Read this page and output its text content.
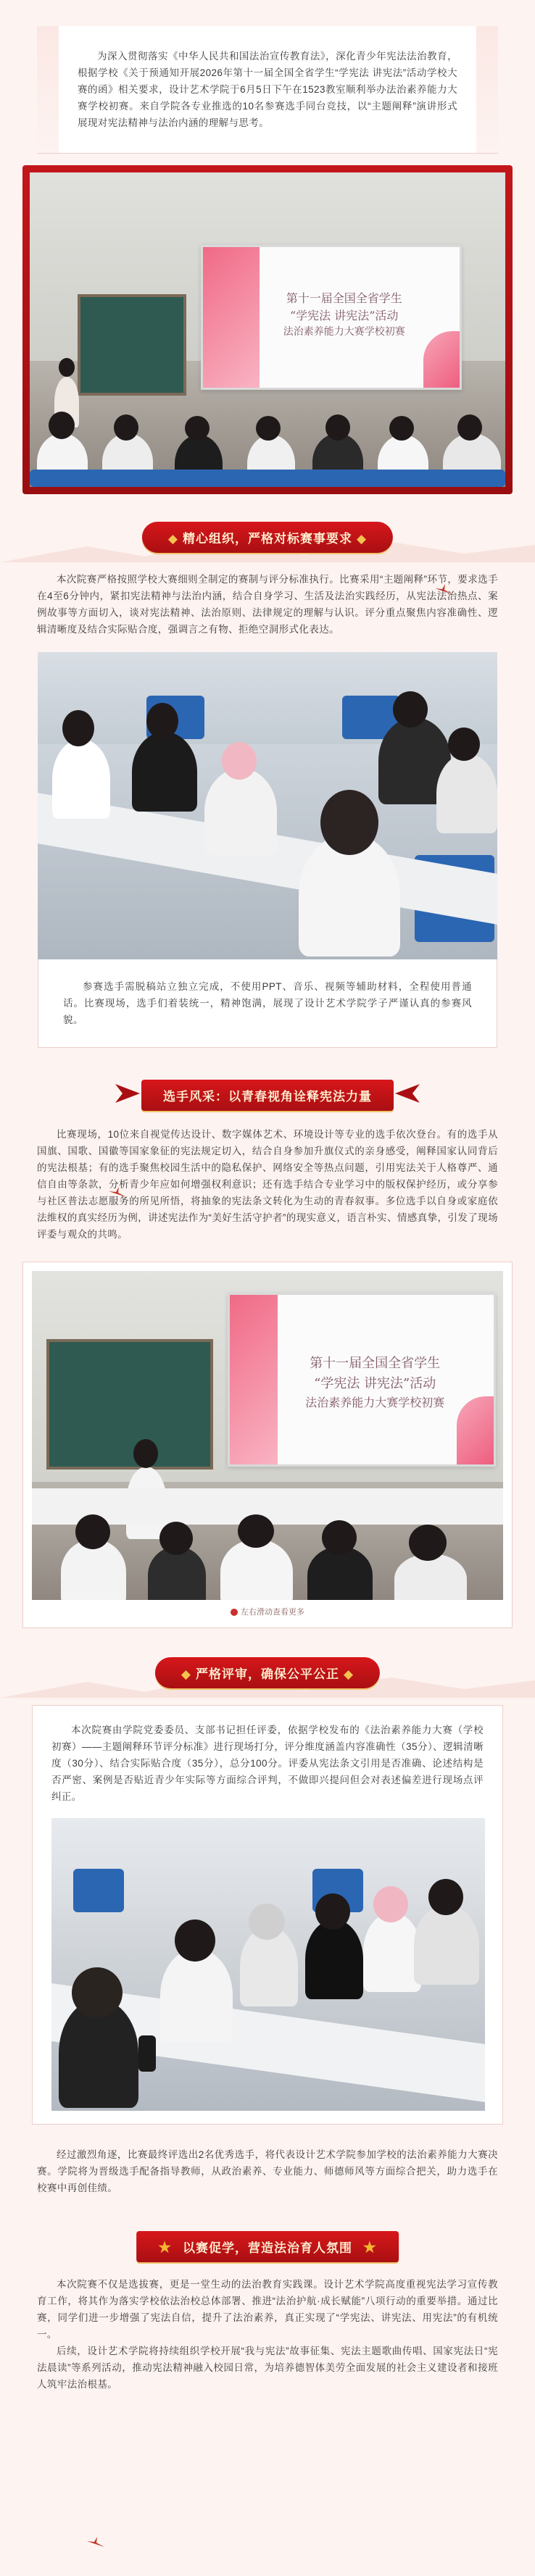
为深入贯彻落实《中华人民共和国法治宣传教育法》，深化青少年宪法法治教育，根据学校《关于预通知开展2026年第十一届全国全省学生“学宪法 讲宪法”活动学校大赛的函》相关要求，设计艺术学院于6月5日下午在1523教室顺利举办法治素养能力大赛学校初赛。来自学院各专业推选的10名参赛选手同台竞技，以“主题阐释”演讲形式展现对宪法精神与法治内涵的理解与思考。

第十一届全国全省学生
“学宪法 讲宪法”活动
法治素养能力大赛学校初赛
◆ 精心组织，严格对标赛事要求 ◆

本次院赛严格按照学校大赛细则全制定的赛制与评分标准执行。比赛采用“主题阐释”环节，要求选手在4至6分钟内，紧扣宪法精神与法治内涵，结合自身学习、生活及法治实践经历，从宪法法治热点、案例故事等方面切入，谈对宪法精神、法治原则、法律规定的理解与认识。评分重点聚焦内容准确性、逻辑清晰度及结合实际贴合度，强调言之有物、拒绝空洞形式化表达。

参赛选手需脱稿站立独立完成，不使用PPT、音乐、视频等辅助材料，全程使用普通话。比赛现场，选手们着装统一，精神饱满，展现了设计艺术学院学子严谨认真的参赛风貌。

选手风采：以青春视角诠释宪法力量

比赛现场，10位来自视觉传达设计、数字媒体艺术、环境设计等专业的选手依次登台。有的选手从国旗、国歌、国徽等国家象征的宪法规定切入，结合自身参加升旗仪式的亲身感受，阐释国家认同背后的宪法根基；有的选手聚焦校园生活中的隐私保护、网络安全等热点问题，引用宪法关于人格尊严、通信自由等条款，分析青少年应如何增强权利意识；还有选手结合专业学习中的版权保护经历，或分享参与社区普法志愿服务的所见所悟，将抽象的宪法条文转化为生动的青春叙事。多位选手以自身或家庭依法维权的真实经历为例，讲述宪法作为“美好生活守护者”的现实意义，语言朴实、情感真挚，引发了现场评委与观众的共鸣。

第十一届全国全省学生
“学宪法 讲宪法”活动
法治素养能力大赛学校初赛
左右滑动查看更多
◆ 严格评审，确保公平公正 ◆

本次院赛由学院党委委员、支部书记担任评委，依据学校发布的《法治素养能力大赛（学校初赛）——主题阐释环节评分标准》进行现场打分，评分维度涵盖内容准确性（35分）、逻辑清晰度（30分）、结合实际贴合度（35分），总分100分。评委从宪法条文引用是否准确、论述结构是否严密、案例是否贴近青少年实际等方面综合评判，不做即兴提问但会对表述偏差进行现场点评纠正。

经过激烈角逐，比赛最终评选出2名优秀选手，将代表设计艺术学院参加学校的法治素养能力大赛决赛。学院将为晋级选手配备指导教师，从政治素养、专业能力、师德师风等方面综合把关，助力选手在校赛中再创佳绩。

★ 以赛促学，营造法治育人氛围 ★

本次院赛不仅是选拔赛，更是一堂生动的法治教育实践课。设计艺术学院高度重视宪法学习宣传教育工作，将其作为落实学校依法治校总体部署、推进“法治护航·成长赋能”八项行动的重要举措。通过比赛，同学们进一步增强了宪法自信，提升了法治素养，真正实现了“学宪法、讲宪法、用宪法”的有机统一。

后续，设计艺术学院将持续组织学校开展“我与宪法”故事征集、宪法主题歌曲传唱、国家宪法日“宪法晨读”等系列活动，推动宪法精神融入校园日常，为培养德智体美劳全面发展的社会主义建设者和接班人筑牢法治根基。
